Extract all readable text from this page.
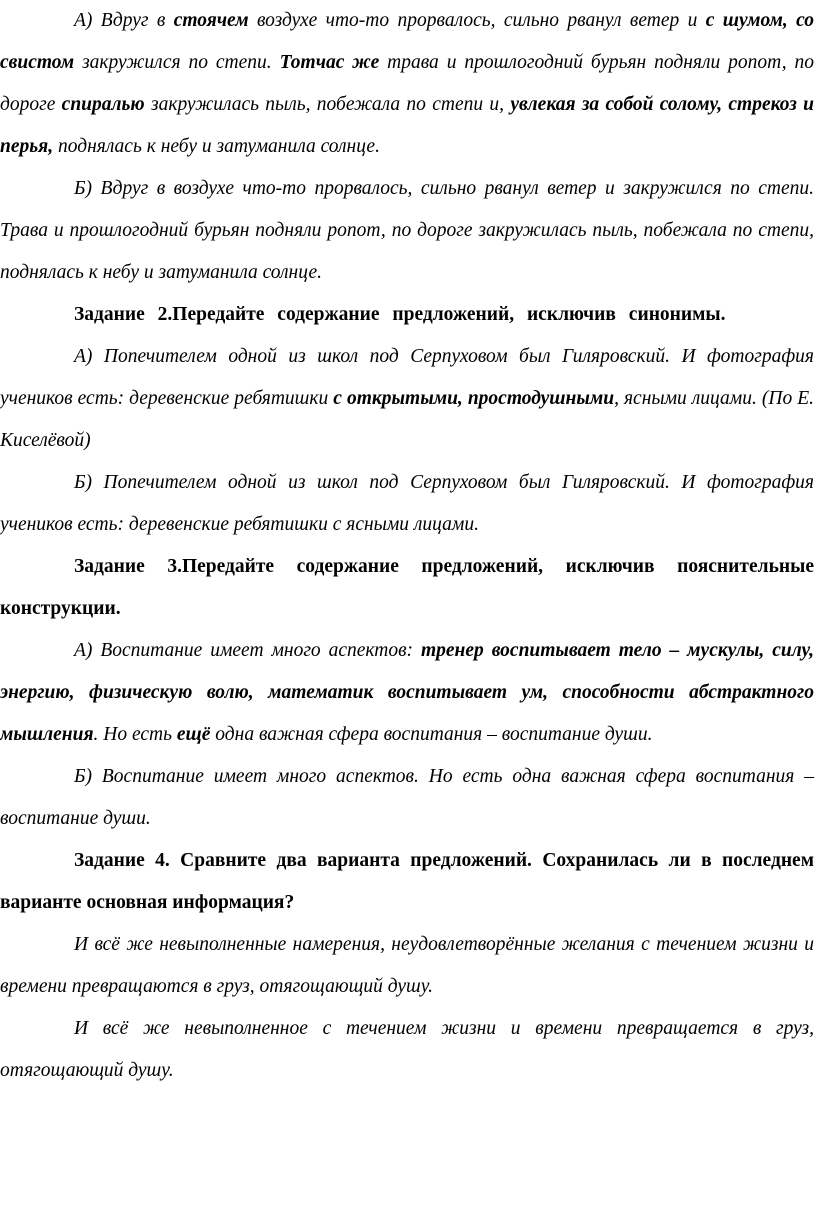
А) Вдруг в стоячем воздухе что-то прорвалось, сильно рванул ветер и с шумом, со свистом закружился по степи. Тотчас же трава и прошлогодний бурьян подняли ропот, по дороге спиралью закружилась пыль, побежала по степи и, увлекая за собой солому, стрекоз и перья, поднялась к небу и затуманила солнце.

Б) Вдруг в воздухе что-то прорвалось, сильно рванул ветер и закружился по степи. Трава и прошлогодний бурьян подняли ропот, по дороге закружилась пыль, побежала по степи, поднялась к небу и затуманила солнце.

Задание 2.Передайте содержание предложений, исключив синонимы.

А) Попечителем одной из школ под Серпуховом был Гиляровский. И фотография учеников есть: деревенские ребятишки с открытыми, простодушными, ясными лицами. (По Е. Киселёвой)

Б) Попечителем одной из школ под Серпуховом был Гиляровский. И фотография учеников есть: деревенские ребятишки с ясными лицами.

Задание 3.Передайте содержание предложений, исключив пояснительные конструкции.

А) Воспитание имеет много аспектов: тренер воспитывает тело – мускулы, силу, энергию, физическую волю, математик воспитывает ум, способности абстрактного мышления. Но есть ещё одна важная сфера воспитания – воспитание души.

Б) Воспитание имеет много аспектов. Но есть одна важная сфера воспитания – воспитание души.

Задание 4. Сравните два варианта предложений. Сохранилась ли в последнем варианте основная информация?

И всё же невыполненные намерения, неудовлетворённые желания с течением жизни и времени превращаются в груз, отягощающий душу.

И всё же невыполненное с течением жизни и времени превращается в груз, отягощающий душу.
